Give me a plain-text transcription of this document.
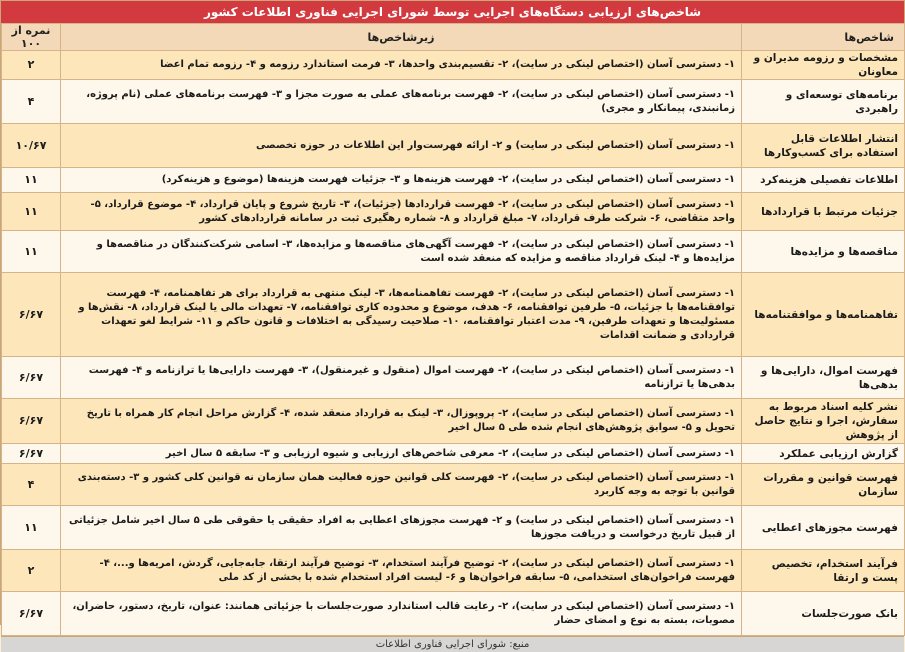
شاخص‌های ارزیابی دستگاه‌های اجرایی توسط شورای اجرایی فناوری اطلاعات کشور
شاخص‌ها	زیرشاخص‌ها	نمره از ۱۰۰
مشخصات و رزومه مدیران و معاونان	۱- دسترسی آسان (اختصاص لینکی در سایت)، ۲- تقسیم‌بندی واحدها، ۳- فرمت استاندارد رزومه و ۴- رزومه تمام اعضا	۲
برنامه‌های توسعه‌ای و راهبردی	۱- دسترسی آسان (اختصاص لینکی در سایت)، ۲- فهرست برنامه‌های عملی به صورت مجزا و ۳- فهرست برنامه‌های عملی (نام پروژه، زمانبندی، پیمانکار و مجری)	۴
انتشار اطلاعات قابل استفاده برای کسب‌وکارها	۱- دسترسی آسان (اختصاص لینکی در سایت) و ۲- ارائه فهرست‌وار این اطلاعات در حوزه تخصصی	۱۰/۶۷
اطلاعات تفصیلی هزینه‌کرد	۱- دسترسی آسان (اختصاص لینکی در سایت)، ۲- فهرست هزینه‌ها و ۳- جزئیات فهرست هزینه‌ها (موضوع و هزینه‌کرد)	۱۱
جزئیات مرتبط با قراردادها	۱- دسترسی آسان (اختصاص لینکی در سایت)، ۲- فهرست قراردادها (جزئیات)، ۳- تاریخ شروع و پایان قرارداد، ۴- موضوع قرارداد، ۵- واحد متقاضی، ۶- شرکت طرف قرارداد، ۷- مبلغ قرارداد و ۸- شماره رهگیری ثبت در سامانه قراردادهای کشور	۱۱
مناقصه‌ها و مزایده‌ها	۱- دسترسی آسان (اختصاص لینکی در سایت)، ۲- فهرست آگهی‌های مناقصه‌ها و مزایده‌ها، ۳- اسامی شرکت‌کنندگان در مناقصه‌ها و مزایده‌ها و ۴- لینک قرارداد مناقصه و مزایده که منعقد شده است	۱۱
تفاهمنامه‌ها و موافقتنامه‌ها	۱- دسترسی آسان (اختصاص لینکی در سایت)، ۲- فهرست تفاهمنامه‌ها، ۳- لینک منتهی به قرارداد برای هر تفاهمنامه، ۴- فهرست توافقنامه‌ها با جزئیات، ۵- طرفین توافقنامه، ۶- هدف، موضوع و محدوده کاری توافقنامه، ۷- تعهدات مالی یا لینک قرارداد، ۸- نقش‌ها و مسئولیت‌ها و تعهدات طرفین، ۹- مدت اعتبار توافقنامه، ۱۰- صلاحیت رسیدگی به اختلافات و قانون حاکم و ۱۱- شرایط لغو تعهدات قراردادی و ضمانت اقدامات	۶/۶۷
فهرست اموال، دارایی‌ها و بدهی‌ها	۱- دسترسی آسان (اختصاص لینکی در سایت)، ۲- فهرست اموال (منقول و غیرمنقول)، ۳- فهرست دارایی‌ها یا ترازنامه و ۴- فهرست بدهی‌ها یا ترازنامه	۶/۶۷
نشر کلیه اسناد مربوط به سفارش، اجرا و نتایج حاصل از پژوهش	۱- دسترسی آسان (اختصاص لینکی در سایت)، ۲- پروپوزال، ۳- لینک به قرارداد منعقد شده، ۴- گزارش مراحل انجام کار همراه با تاریخ تحویل و ۵- سوابق پژوهش‌های انجام شده طی ۵ سال اخیر	۶/۶۷
گزارش ارزیابی عملکرد	۱- دسترسی آسان (اختصاص لینکی در سایت)، ۲- معرفی شاخص‌های ارزیابی و شیوه ارزیابی و ۳- سابقه ۵ سال اخیر	۶/۶۷
فهرست قوانین و مقررات سازمان	۱- دسترسی آسان (اختصاص لینکی در سایت)، ۲- فهرست کلی قوانین حوزه فعالیت همان سازمان نه قوانین کلی کشور و ۳- دسته‌بندی قوانین با توجه به وجه کاربرد	۴
فهرست مجوزهای اعطایی	۱- دسترسی آسان (اختصاص لینکی در سایت) و ۲- فهرست مجوزهای اعطایی به افراد حقیقی یا حقوقی طی ۵ سال اخیر شامل جزئیاتی از قبیل تاریخ درخواست و دریافت مجوزها	۱۱
فرآیند استخدام، تخصیص پست و ارتقا	۱- دسترسی آسان (اختصاص لینکی در سایت)، ۲- توضیح فرآیند استخدام، ۳- توضیح فرآیند ارتقا، جابه‌جایی، گردش، امریه‌ها و...، ۴- فهرست فراخوان‌های استخدامی، ۵- سابقه فراخوان‌ها و ۶- لیست افراد استخدام شده با بخشی از کد ملی	۲
بانک صورت‌جلسات	۱- دسترسی آسان (اختصاص لینکی در سایت)، ۲- رعایت قالب استاندارد صورت‌جلسات با جزئیاتی همانند: عنوان، تاریخ، دستور، حاضران، مصوبات، بسته به نوع و امضای حضار	۶/۶۷
منبع: شورای اجرایی فناوری اطلاعات
